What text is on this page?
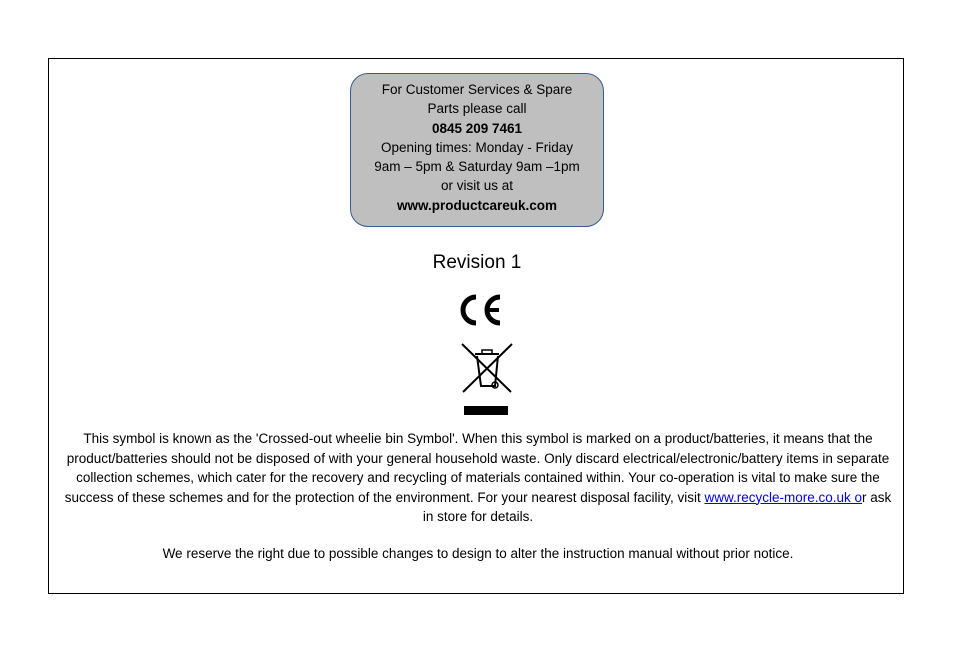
For Customer Services & Spare
Parts please call
0845 209 7461
Opening times: Monday - Friday
9am – 5pm & Saturday 9am –1pm
or visit us at
www.productcareuk.com
Revision 1
This symbol is known as the 'Crossed-out wheelie bin Symbol'. When this symbol is marked on a product/batteries, it means that the product/batteries should not be disposed of with your general household waste. Only discard electrical/electronic/battery items in separate collection schemes, which cater for the recovery and recycling of materials contained within. Your co-operation is vital to make sure the success of these schemes and for the protection of the environment. For your nearest disposal facility, visit www.recycle-more.co.uk or ask in store for details.
We reserve the right due to possible changes to design to alter the instruction manual without prior notice.
